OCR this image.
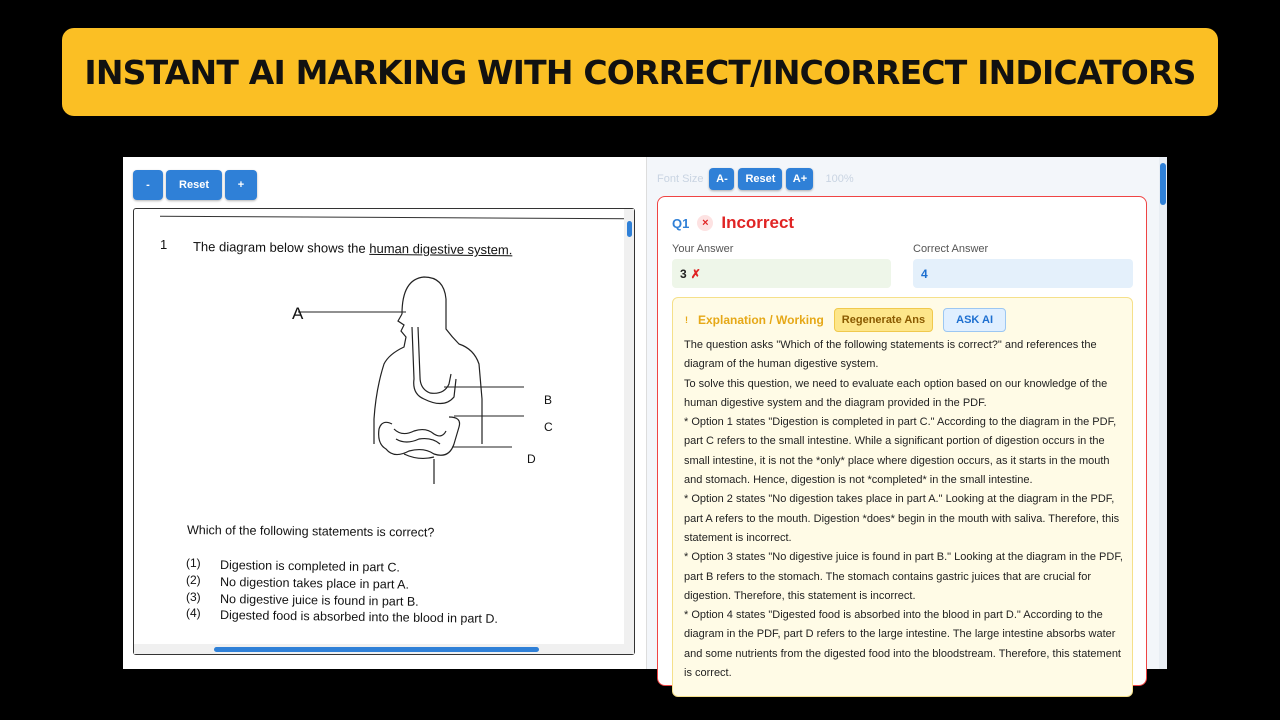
INSTANT AI MARKING WITH CORRECT/INCORRECT INDICATORS
-	Reset	+
1 The diagram below shows the human digestive system.
A
B
C
D
Which of the following statements is correct?
(1) Digestion is completed in part C.
(2) No digestion takes place in part A.
(3) No digestive juice is found in part B.
(4) Digested food is absorbed into the blood in part D.
Font Size	A-	Reset	A+	100%
Q1	× Incorrect
Your Answer
3 ✗
Correct Answer
4
! Explanation / Working	Regenerate Ans	ASK AI

The question asks "Which of the following statements is correct?" and references the diagram of the human digestive system.

To solve this question, we need to evaluate each option based on our knowledge of the human digestive system and the diagram provided in the PDF.

* Option 1 states "Digestion is completed in part C." According to the diagram in the PDF, part C refers to the small intestine. While a significant portion of digestion occurs in the small intestine, it is not the *only* place where digestion occurs, as it starts in the mouth and stomach. Hence, digestion is not *completed* in the small intestine.

* Option 2 states "No digestion takes place in part A." Looking at the diagram in the PDF, part A refers to the mouth. Digestion *does* begin in the mouth with saliva. Therefore, this statement is incorrect.

* Option 3 states "No digestive juice is found in part B." Looking at the diagram in the PDF, part B refers to the stomach. The stomach contains gastric juices that are crucial for digestion. Therefore, this statement is incorrect.

* Option 4 states "Digested food is absorbed into the blood in part D." According to the diagram in the PDF, part D refers to the large intestine. The large intestine absorbs water and some nutrients from the digested food into the bloodstream. Therefore, this statement is correct.
